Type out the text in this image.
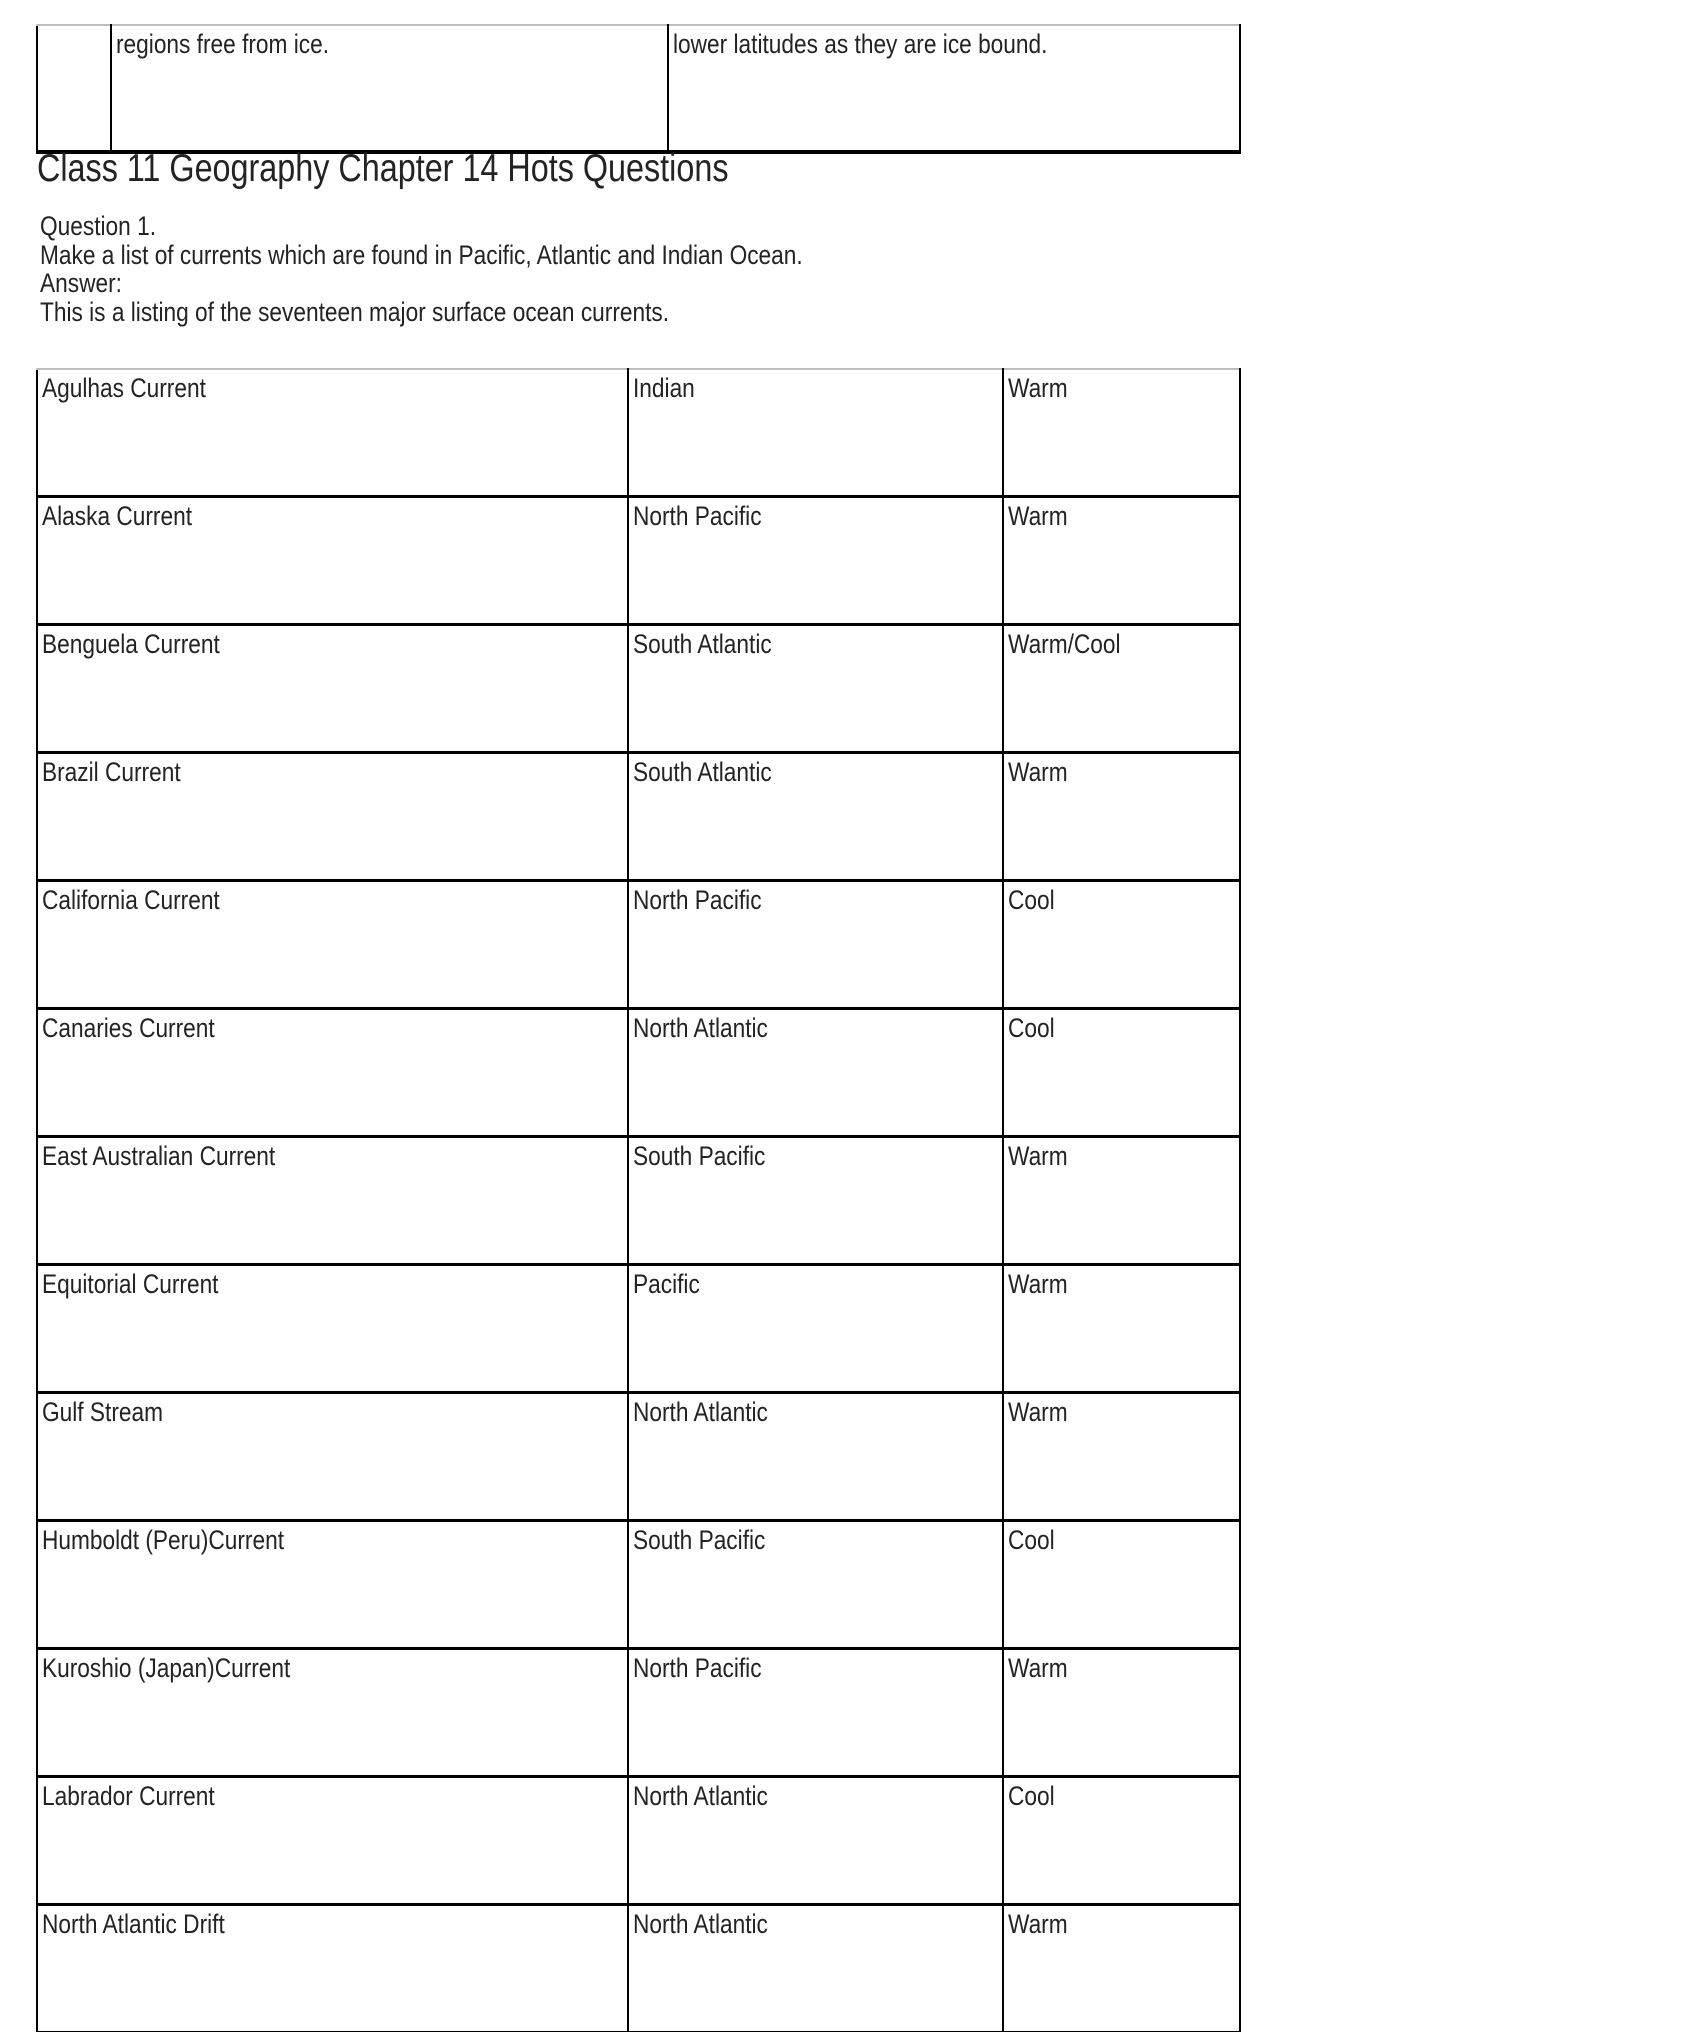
	regions free from ice.	lower latitudes as they are ice bound.
Class 11 Geography Chapter 14 Hots Questions
Question 1.
Make a list of currents which are found in Pacific, Atlantic and Indian Ocean.
Answer:
This is a listing of the seventeen major surface ocean currents.
Agulhas Current	Indian	Warm
Alaska Current	North Pacific	Warm
Benguela Current	South Atlantic	Warm/Cool
Brazil Current	South Atlantic	Warm
California Current	North Pacific	Cool
Canaries Current	North Atlantic	Cool
East Australian Current	South Pacific	Warm
Equitorial Current	Pacific	Warm
Gulf Stream	North Atlantic	Warm
Humboldt (Peru)Current	South Pacific	Cool
Kuroshio (Japan)Current	North Pacific	Warm
Labrador Current	North Atlantic	Cool
North Atlantic Drift	North Atlantic	Warm
